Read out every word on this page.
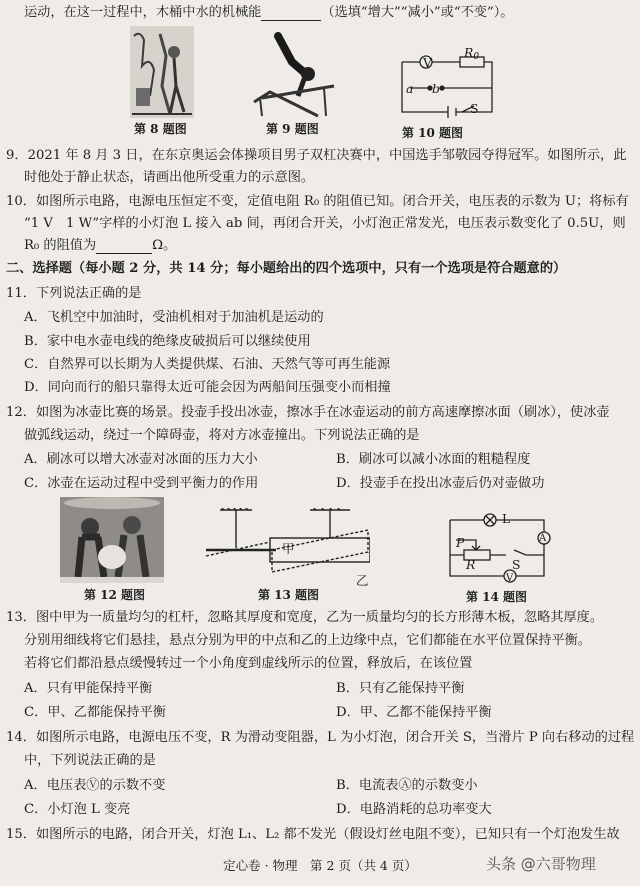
运动，在这一过程中，木桶中水的机械能	（选填“增大”“减小”或“不变”）。
第 8 题图	第 9 题图
V
$R_0$
a b
S
第 10 题图
9．2021 年 8 月 3 日，在东京奥运会体操项目男子双杠决赛中，中国选手邹敬园夺得冠军。如图所示，此
时他处于静止状态，请画出他所受重力的示意图。
10．如图所示电路，电源电压恒定不变，定值电阻 R₀ 的阻值已知。闭合开关，电压表的示数为 U；将标有
“1 V　1 W”字样的小灯泡 L 接入 ab 间，再闭合开关，小灯泡正常发光，电压表示数变化了 0.5U，则
R₀ 的阻值为	Ω。
二、选择题（每小题 2 分，共 14 分；每小题给出的四个选项中，只有一个选项是符合题意的）
11．下列说法正确的是
A．飞机空中加油时，受油机相对于加油机是运动的
B．家中电水壶电线的绝缘皮破损后可以继续使用
C．自然界可以长期为人类提供煤、石油、天然气等可再生能源
D．同向而行的船只靠得太近可能会因为两船间压强变小而相撞
12．如图为冰壶比赛的场景。投壶手投出冰壶，擦冰手在冰壶运动的前方高速摩擦冰面（刷冰），使冰壶
做弧线运动，绕过一个障碍壶，将对方冰壶撞出。下列说法正确的是
A．刷冰可以增大冰壶对冰面的压力大小	B．刷冰可以减小冰面的粗糙程度
C．冰壶在运动过程中受到平衡力的作用	D．投壶手在投出冰壶后仍对壶做功
第 12 题图
甲
乙
第 13 题图
L
A
P
R	S
V
第 14 题图
13．图中甲为一质量均匀的杠杆，忽略其厚度和宽度，乙为一质量均匀的长方形薄木板，忽略其厚度。
分别用细线将它们悬挂，悬点分别为甲的中点和乙的上边缘中点，它们都能在水平位置保持平衡。
若将它们都沿悬点缓慢转过一个小角度到虚线所示的位置，释放后，在该位置
A．只有甲能保持平衡	B．只有乙能保持平衡
C．甲、乙都能保持平衡	D．甲、乙都不能保持平衡
14．如图所示电路，电源电压不变，R 为滑动变阻器，L 为小灯泡，闭合开关 S，当滑片 P 向右移动的过程
中，下列说法正确的是
A．电压表Ⓥ的示数不变	B．电流表Ⓐ的示数变小
C．小灯泡 L 变亮	D．电路消耗的总功率变大
15．如图所示的电路，闭合开关，灯泡 L₁、L₂ 都不发光（假设灯丝电阻不变），已知只有一个灯泡发生故
定心卷 · 物理　第 2 页（共 4 页）	头条 @六哥物理
